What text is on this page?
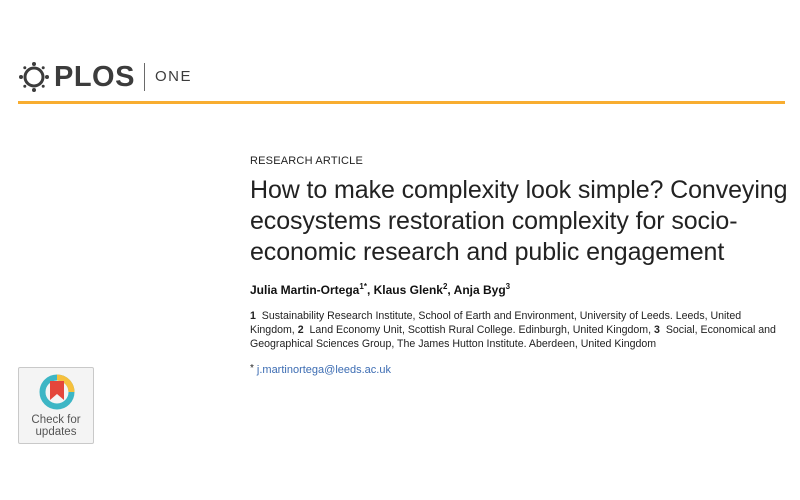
PLOS ONE
RESEARCH ARTICLE
How to make complexity look simple? Conveying ecosystems restoration complexity for socio-economic research and public engagement
Julia Martin-Ortega$^{1*}$, Klaus Glenk$^2$, Anja Byg$^3$
1 Sustainability Research Institute, School of Earth and Environment, University of Leeds. Leeds, United Kingdom, 2 Land Economy Unit, Scottish Rural College. Edinburgh, United Kingdom, 3 Social, Economical and Geographical Sciences Group, The James Hutton Institute. Aberdeen, United Kingdom
* j.martinortega@leeds.ac.uk
Check for
updates
